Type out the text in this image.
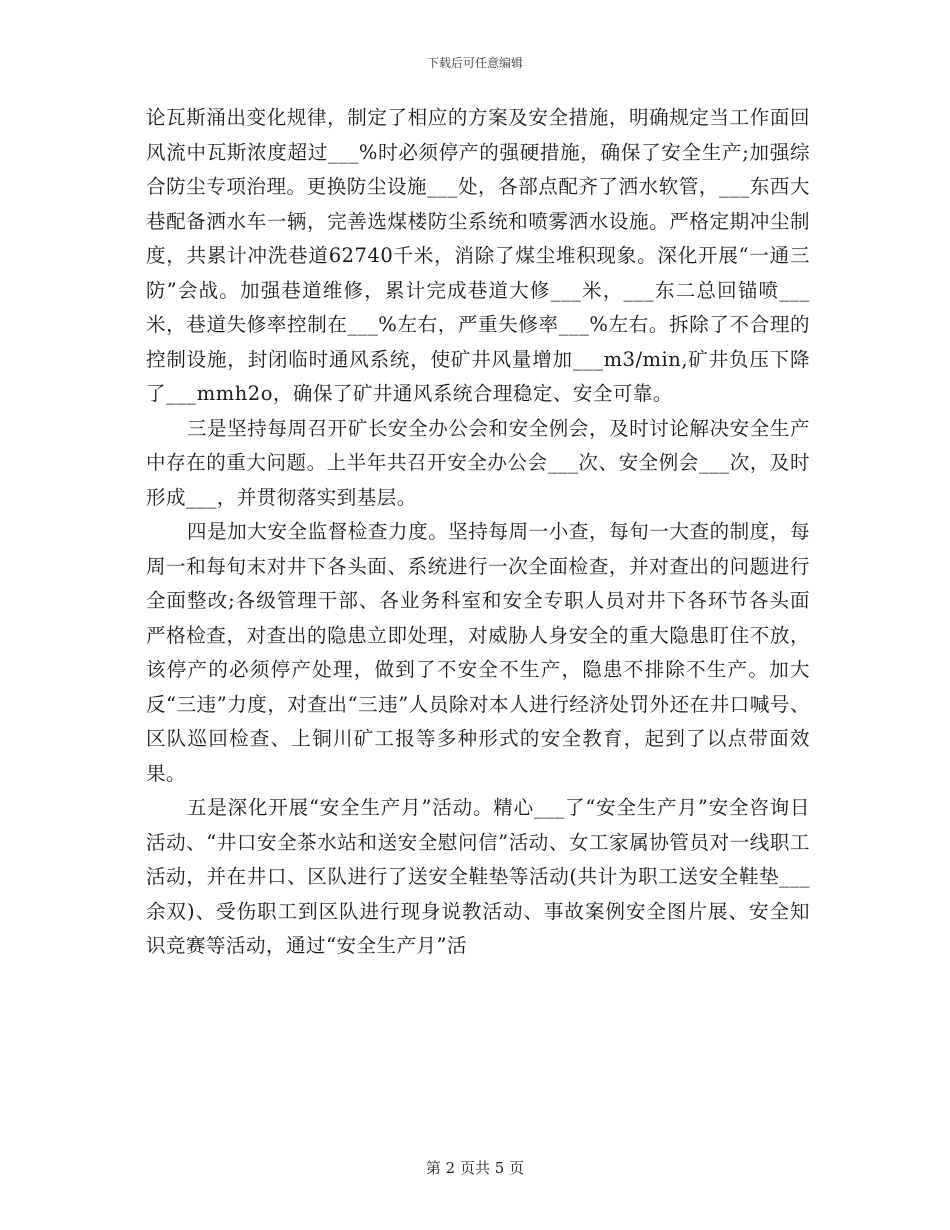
下载后可任意编辑

论瓦斯涌出变化规律，制定了相应的方案及安全措施，明确规定当工作面回风流中瓦斯浓度超过___%时必须停产的强硬措施，确保了安全生产;加强综合防尘专项治理。更换防尘设施___处，各部点配齐了洒水软管，___东西大巷配备洒水车一辆，完善选煤楼防尘系统和喷雾洒水设施。严格定期冲尘制度，共累计冲洗巷道62740千米，消除了煤尘堆积现象。深化开展“一通三防”会战。加强巷道维修，累计完成巷道大修___米，___东二总回锚喷___米，巷道失修率控制在___%左右，严重失修率___%左右。拆除了不合理的控制设施，封闭临时通风系统，使矿井风量增加___m3/min,矿井负压下降了___mmh2o，确保了矿井通风系统合理稳定、安全可靠。

三是坚持每周召开矿长安全办公会和安全例会，及时讨论解决安全生产中存在的重大问题。上半年共召开安全办公会___次、安全例会___次，及时形成___，并贯彻落实到基层。

四是加大安全监督检查力度。坚持每周一小查，每旬一大查的制度，每周一和每旬末对井下各头面、系统进行一次全面检查，并对查出的问题进行全面整改;各级管理干部、各业务科室和安全专职人员对井下各环节各头面严格检查，对查出的隐患立即处理，对威胁人身安全的重大隐患盯住不放，该停产的必须停产处理，做到了不安全不生产，隐患不排除不生产。加大反“三违”力度，对查出“三违”人员除对本人进行经济处罚外还在井口喊号、区队巡回检查、上铜川矿工报等多种形式的安全教育，起到了以点带面效果。

五是深化开展“安全生产月”活动。精心___了“安全生产月”安全咨询日活动、“井口安全茶水站和送安全慰问信”活动、女工家属协管员对一线职工活动，并在井口、区队进行了送安全鞋垫等活动(共计为职工送安全鞋垫___余双)、受伤职工到区队进行现身说教活动、事故案例安全图片展、安全知识竞赛等活动，通过“安全生产月”活

第 2 页共 5 页
